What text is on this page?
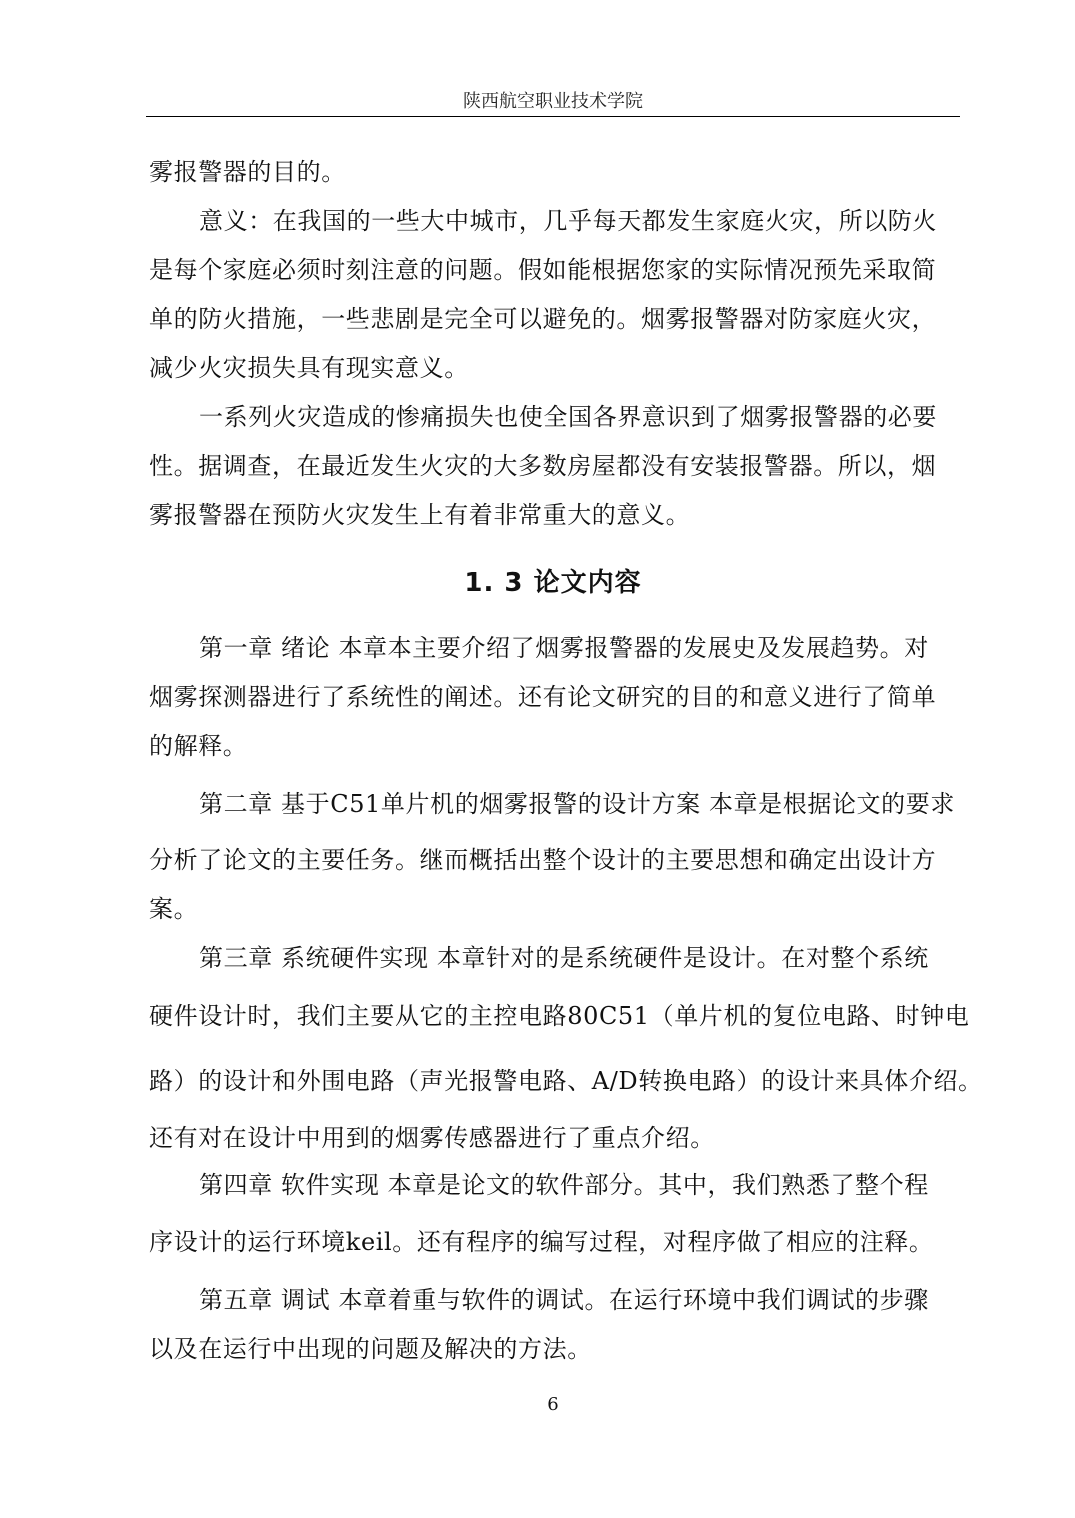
陕西航空职业技术学院
雾报警器的目的。
意义：在我国的一些大中城市，几乎每天都发生家庭火灾，所以防火
是每个家庭必须时刻注意的问题。假如能根据您家的实际情况预先采取简
单的防火措施，一些悲剧是完全可以避免的。烟雾报警器对防家庭火灾，
减少火灾损失具有现实意义。
一系列火灾造成的惨痛损失也使全国各界意识到了烟雾报警器的必要
性。据调查，在最近发生火灾的大多数房屋都没有安装报警器。所以，烟
雾报警器在预防火灾发生上有着非常重大的意义。
1. 3 论文内容
第一章 绪论 本章本主要介绍了烟雾报警器的发展史及发展趋势。对
烟雾探测器进行了系统性的阐述。还有论文研究的目的和意义进行了简单
的解释。
第二章 基于C51单片机的烟雾报警的设计方案 本章是根据论文的要求
分析了论文的主要任务。继而概括出整个设计的主要思想和确定出设计方
案。
第三章 系统硬件实现 本章针对的是系统硬件是设计。在对整个系统
硬件设计时，我们主要从它的主控电路80C51（单片机的复位电路、时钟电
路）的设计和外围电路（声光报警电路、A/D转换电路）的设计来具体介绍。
还有对在设计中用到的烟雾传感器进行了重点介绍。
第四章 软件实现 本章是论文的软件部分。其中，我们熟悉了整个程
序设计的运行环境keil。还有程序的编写过程，对程序做了相应的注释。
第五章 调试 本章着重与软件的调试。在运行环境中我们调试的步骤
以及在运行中出现的问题及解决的方法。
6
